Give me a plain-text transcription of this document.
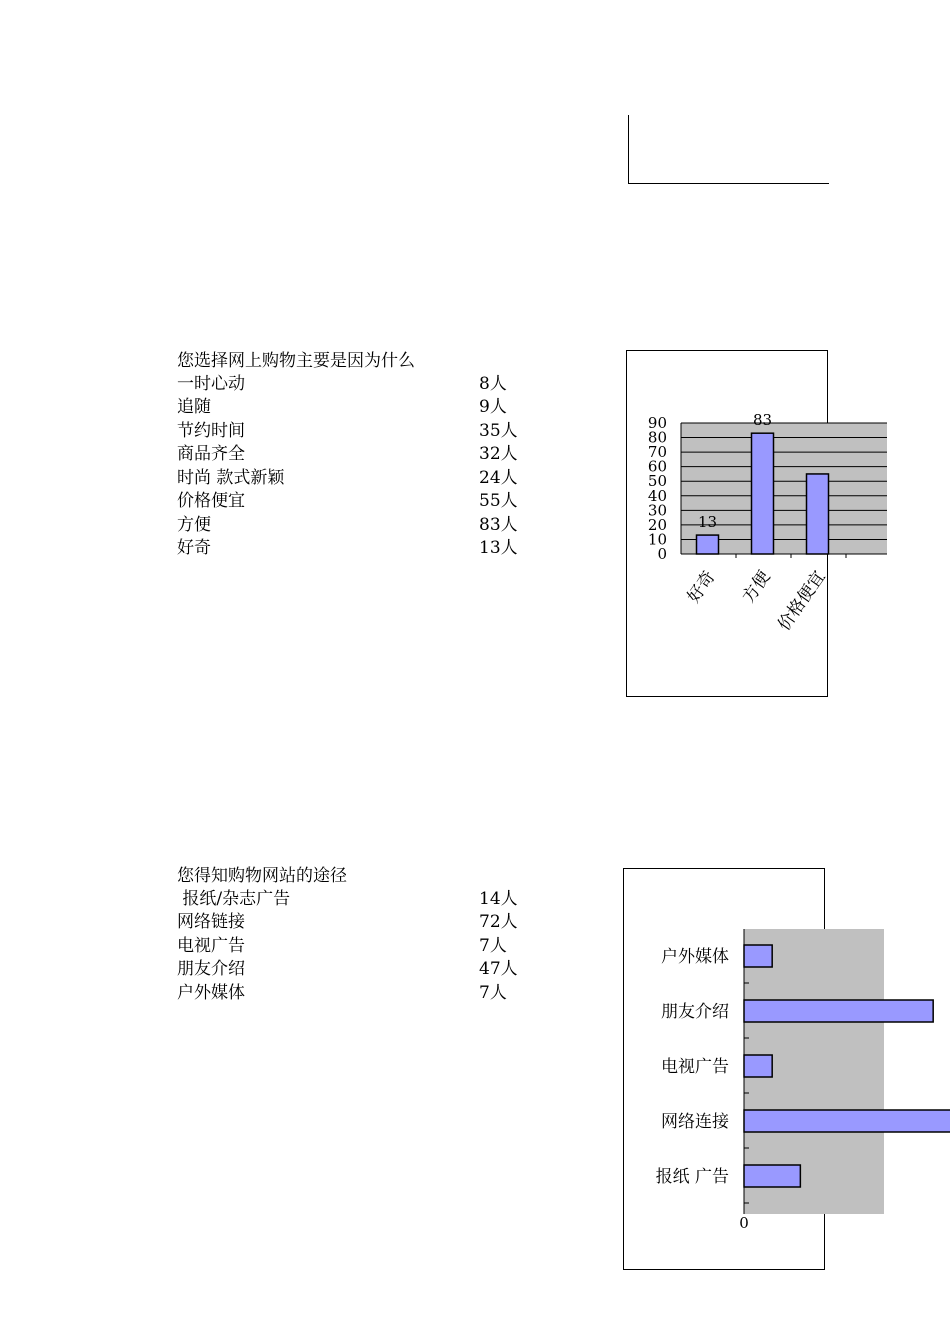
您选择网上购物主要是因为什么
一时心动	8人
追随	9人
节约时间	35人
商品齐全	32人
时尚 款式新颖	24人
价格便宜	55人
方便	83人
好奇	13人	0
10
20
30
40
50
60
70
80
90
13
好奇
83
方便 价格便宜
您得知购物网站的途径
报纸/杂志广告	14人
网络链接	72人
电视广告	7人
朋友介绍	47人
户外媒体	7人
户外媒体
朋友介绍
电视广告
网络连接
报纸 广告
0
